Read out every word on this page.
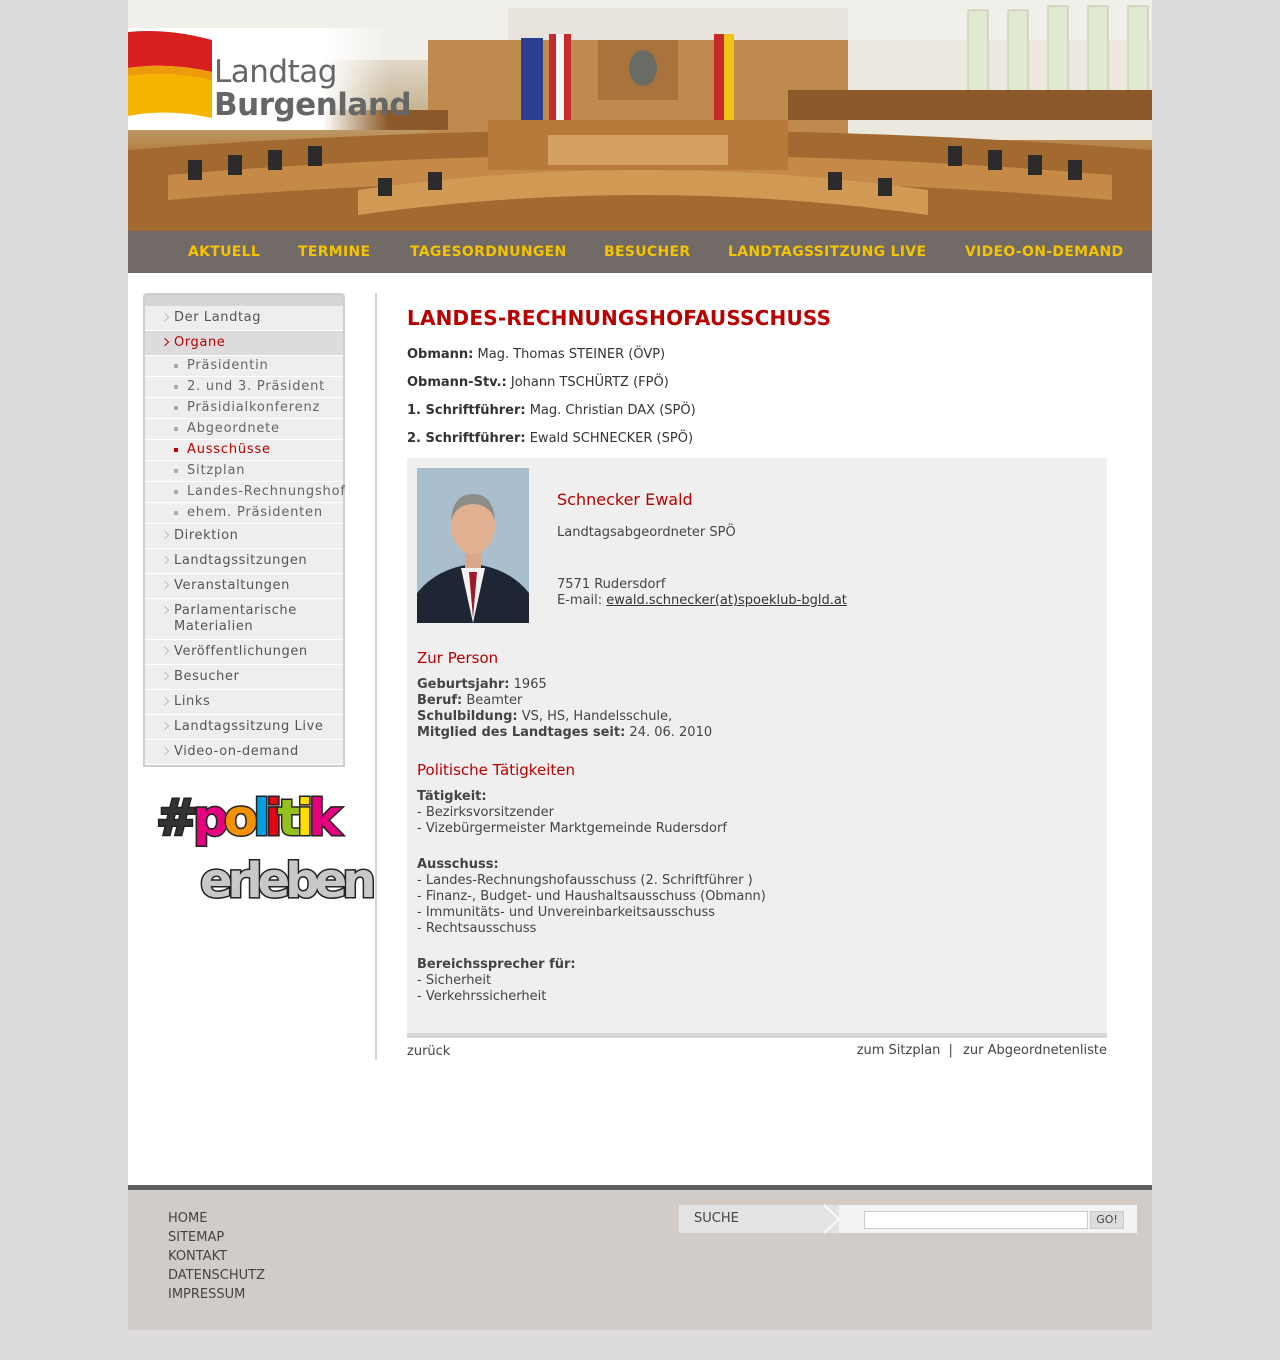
Landtag
Burgenland
AKTUELL	TERMINE	TAGESORDNUNGEN	BESUCHER	LANDTAGSSITZUNG LIVE	VIDEO-ON-DEMAND
Der Landtag
Organe
Präsidentin
2. und 3. Präsident
Präsidialkonferenz
Abgeordnete
Ausschüsse
Sitzplan
Landes-Rechnungshof
ehem. Präsidenten
Direktion
Landtagssitzungen
Veranstaltungen
Parlamentarische Materialien
Veröffentlichungen
Besucher
Links
Landtagssitzung Live
Video-on-demand
#politik
erleben
LANDES-RECHNUNGSHOFAUSSCHUSS
Obmann: Mag. Thomas STEINER (ÖVP)
Obmann-Stv.: Johann TSCHÜRTZ (FPÖ)
1. Schriftführer: Mag. Christian DAX (SPÖ)
2. Schriftführer: Ewald SCHNECKER (SPÖ)
Schnecker Ewald
Landtagsabgeordneter SPÖ
7571 Rudersdorf
E-mail: ewald.schnecker(at)spoeklub-bgld.at
Zur Person
Geburtsjahr: 1965
Beruf: Beamter
Schulbildung: VS, HS, Handelsschule,
Mitglied des Landtages seit: 24. 06. 2010
Politische Tätigkeiten
Tätigkeit:
- Bezirksvorsitzender
- Vizebürgermeister Marktgemeinde Rudersdorf
Ausschuss:
- Landes-Rechnungshofausschuss (2. Schriftführer )
- Finanz-, Budget- und Haushaltsausschuss (Obmann)
- Immunitäts- und Unvereinbarkeitsausschuss
- Rechtsausschuss
Bereichssprecher für:
- Sicherheit
- Verkehrssicherheit
zurück	zum Sitzplan | zur Abgeordnetenliste
HOME
SITEMAP
KONTAKT
DATENSCHUTZ
IMPRESSUM
SUCHE	GO!
